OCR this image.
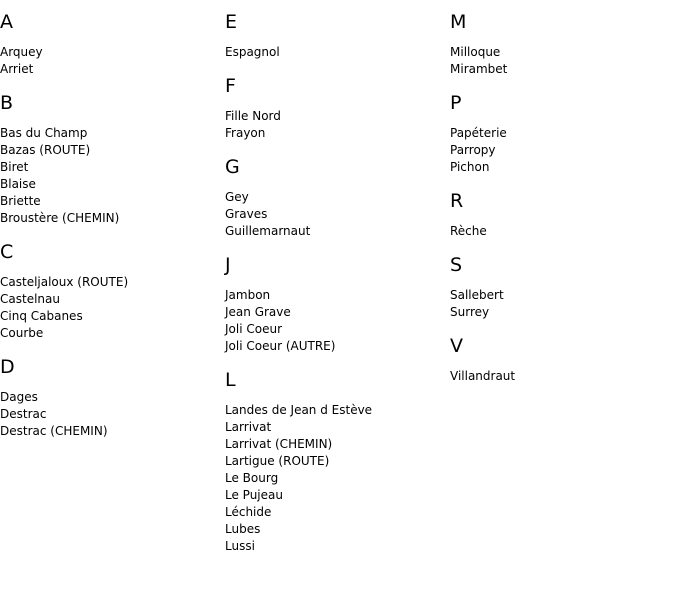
A
Arquey
Arriet
B
Bas du Champ
Bazas (ROUTE)
Biret
Blaise
Briette
Broustère (CHEMIN)
C
Casteljaloux (ROUTE)
Castelnau
Cinq Cabanes
Courbe
D
Dages
Destrac
Destrac (CHEMIN)
E
Espagnol
F
Fille Nord
Frayon
G
Gey
Graves
Guillemarnaut
J
Jambon
Jean Grave
Joli Coeur
Joli Coeur (AUTRE)
L
Landes de Jean d Estève
Larrivat
Larrivat (CHEMIN)
Lartigue (ROUTE)
Le Bourg
Le Pujeau
Léchide
Lubes
Lussi
M
Milloque
Mirambet
P
Papéterie
Parropy
Pichon
R
Rèche
S
Sallebert
Surrey
V
Villandraut
